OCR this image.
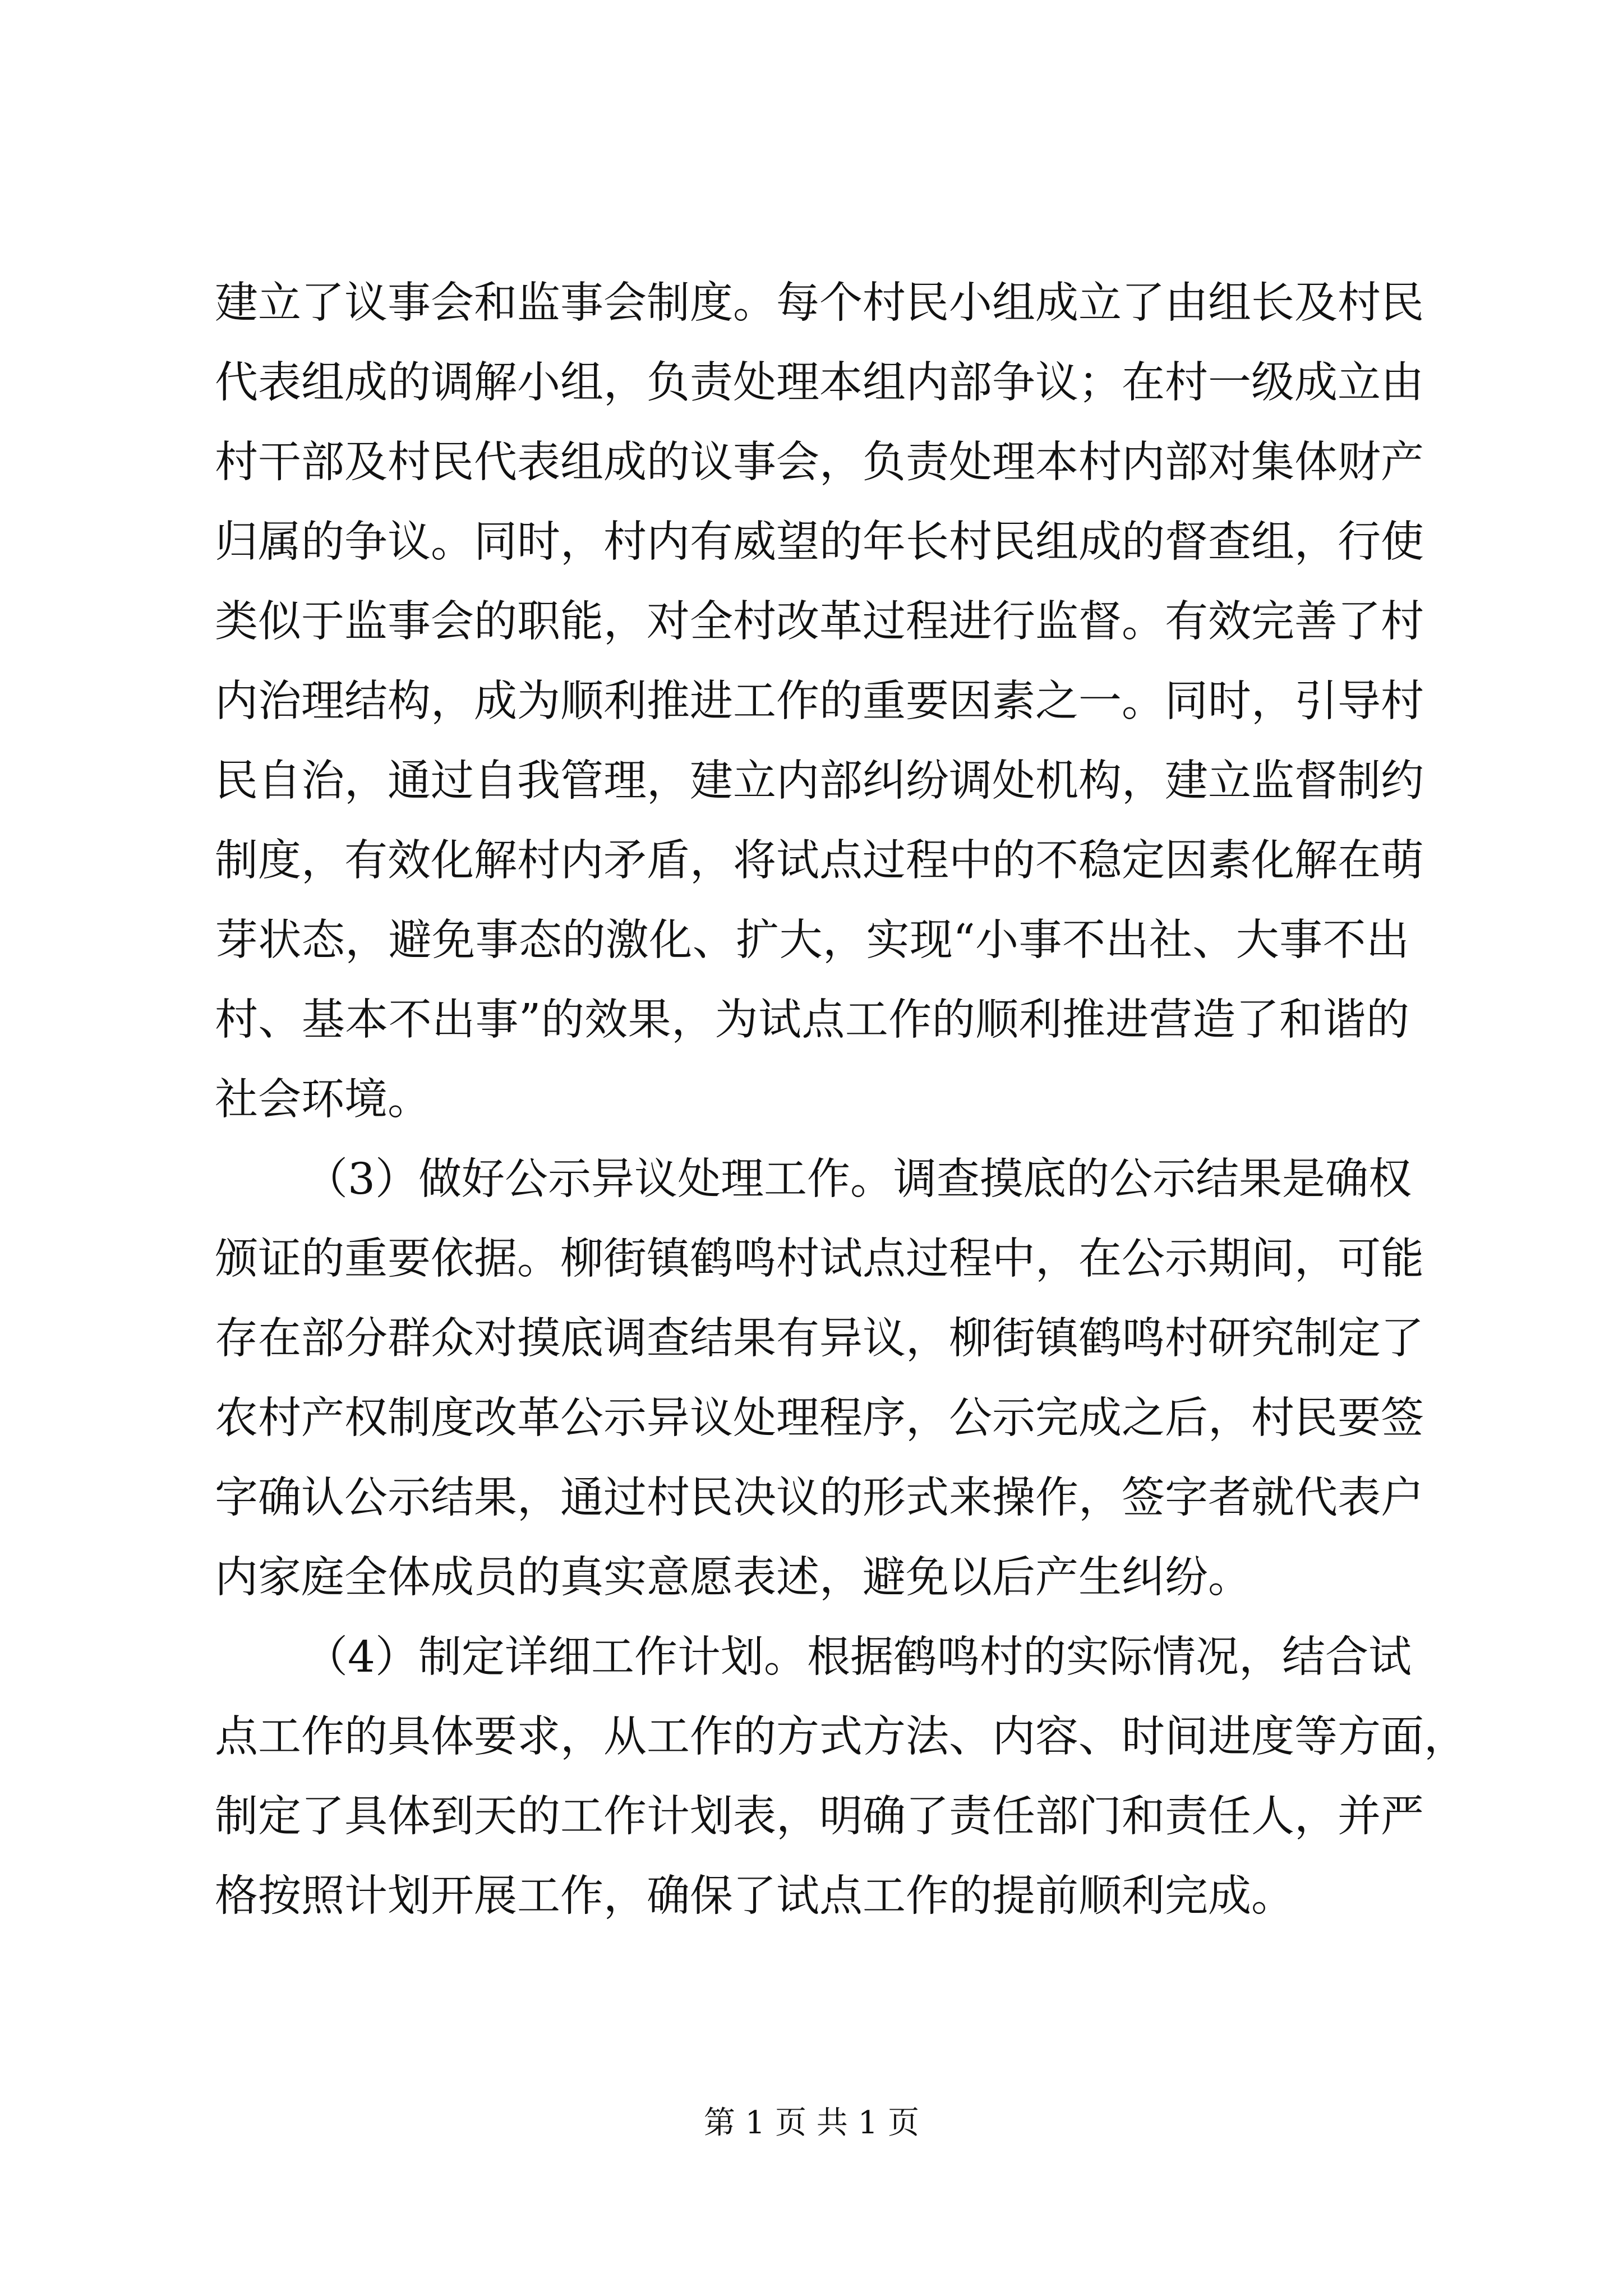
建立了议事会和监事会制度。每个村民小组成立了由组长及村民
代表组成的调解小组，负责处理本组内部争议；在村一级成立由
村干部及村民代表组成的议事会，负责处理本村内部对集体财产
归属的争议。同时，村内有威望的年长村民组成的督查组，行使
类似于监事会的职能，对全村改革过程进行监督。有效完善了村
内治理结构，成为顺利推进工作的重要因素之一。同时，引导村
民自治，通过自我管理，建立内部纠纷调处机构，建立监督制约
制度，有效化解村内矛盾，将试点过程中的不稳定因素化解在萌
芽状态，避免事态的激化、扩大，实现“小事不出社、大事不出
村、基本不出事”的效果，为试点工作的顺利推进营造了和谐的
社会环境。
（3）做好公示异议处理工作。调查摸底的公示结果是确权
颁证的重要依据。柳街镇鹤鸣村试点过程中，在公示期间，可能
存在部分群众对摸底调查结果有异议，柳街镇鹤鸣村研究制定了
农村产权制度改革公示异议处理程序，公示完成之后，村民要签
字确认公示结果，通过村民决议的形式来操作，签字者就代表户
内家庭全体成员的真实意愿表述，避免以后产生纠纷。
（4）制定详细工作计划。根据鹤鸣村的实际情况，结合试
点工作的具体要求，从工作的方式方法、内容、时间进度等方面，
制定了具体到天的工作计划表，明确了责任部门和责任人，并严
格按照计划开展工作，确保了试点工作的提前顺利完成。
第 1 页 共 1 页
